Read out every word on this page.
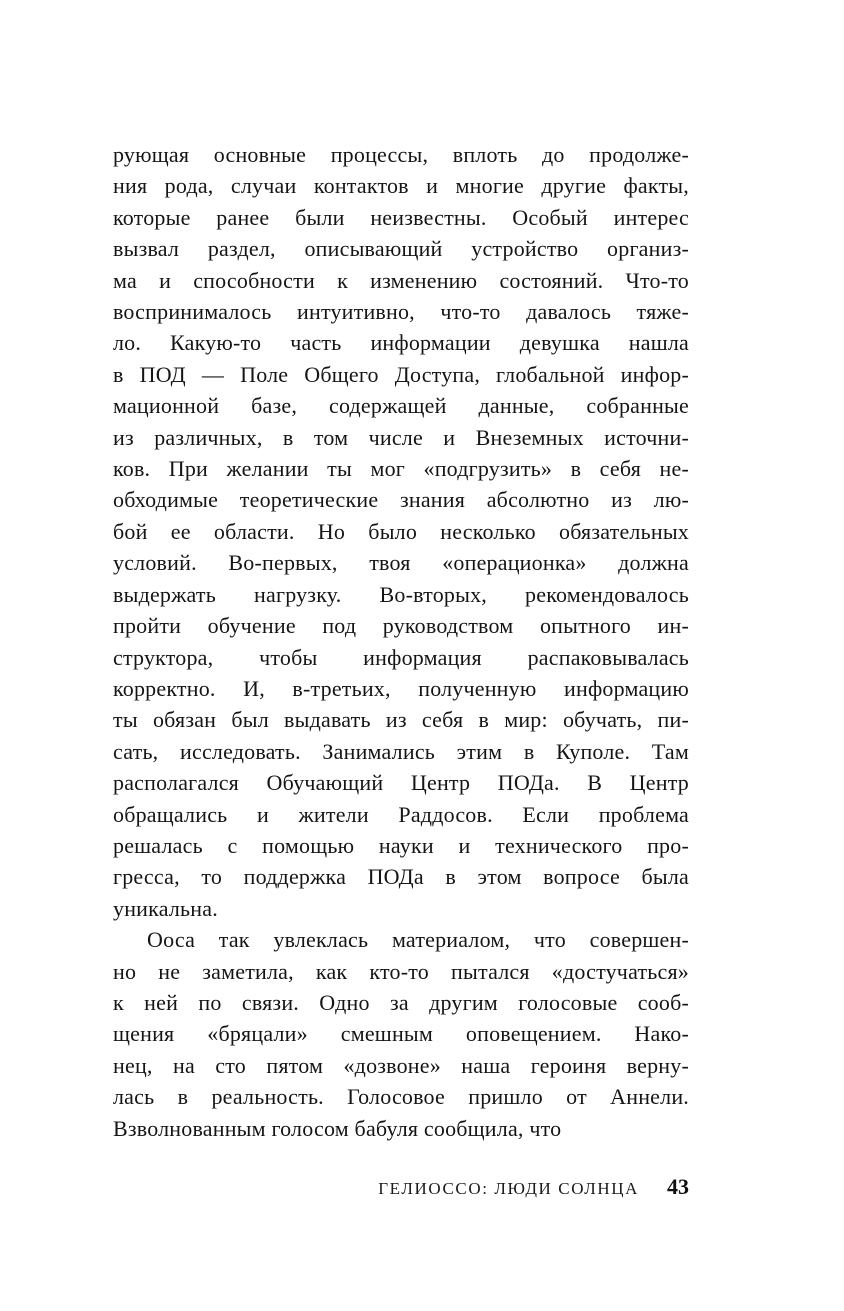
рующая основные процессы, вплоть до продолже-
ния рода, случаи контактов и многие другие факты,
которые ранее были неизвестны. Особый интерес
вызвал раздел, описывающий устройство организ-
ма и способности к изменению состояний. Что-то
воспринималось интуитивно, что-то давалось тяже-
ло. Какую-то часть информации девушка нашла
в ПОД — Поле Общего Доступа, глобальной инфор-
мационной базе, содержащей данные, собранные
из различных, в том числе и Внеземных источни-
ков. При желании ты мог «подгрузить» в себя не-
обходимые теоретические знания абсолютно из лю-
бой ее области. Но было несколько обязательных
условий. Во-первых, твоя «операционка» должна
выдержать нагрузку. Во-вторых, рекомендовалось
пройти обучение под руководством опытного ин-
структора, чтобы информация распаковывалась
корректно. И, в-третьих, полученную информацию
ты обязан был выдавать из себя в мир: обучать, пи-
сать, исследовать. Занимались этим в Куполе. Там
располагался Обучающий Центр ПОДа. В Центр
обращались и жители Раддосов. Если проблема
решалась с помощью науки и технического про-
гресса, то поддержка ПОДа в этом вопросе была
уникальна.
Ооса так увлеклась материалом, что совершен-
но не заметила, как кто-то пытался «достучаться»
к ней по связи. Одно за другим голосовые сооб-
щения «бряцали» смешным оповещением. Нако-
нец, на сто пятом «дозвоне» наша героиня верну-
лась в реальность. Голосовое пришло от Аннели.
Взволнованным голосом бабуля сообщила, что
ГЕЛИОССО: ЛЮДИ СОЛНЦА 43
